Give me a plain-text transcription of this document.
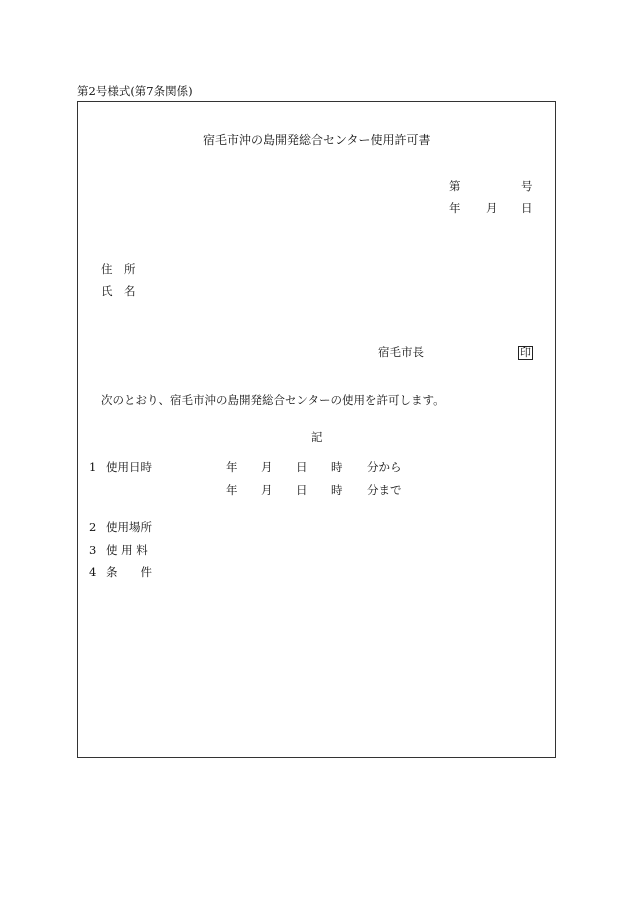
第2号様式(第7条関係)
宿毛市沖の島開発総合センター使用許可書
第	号
年 月 日
住　所
氏　名
宿毛市長	印
次のとおり、宿毛市沖の島開発総合センターの使用を許可します。
記
1 使用日時	年 月 日 時 分から
年 月 日 時 分まで
2 使用場所
3 使 用 料
4 条　　件
